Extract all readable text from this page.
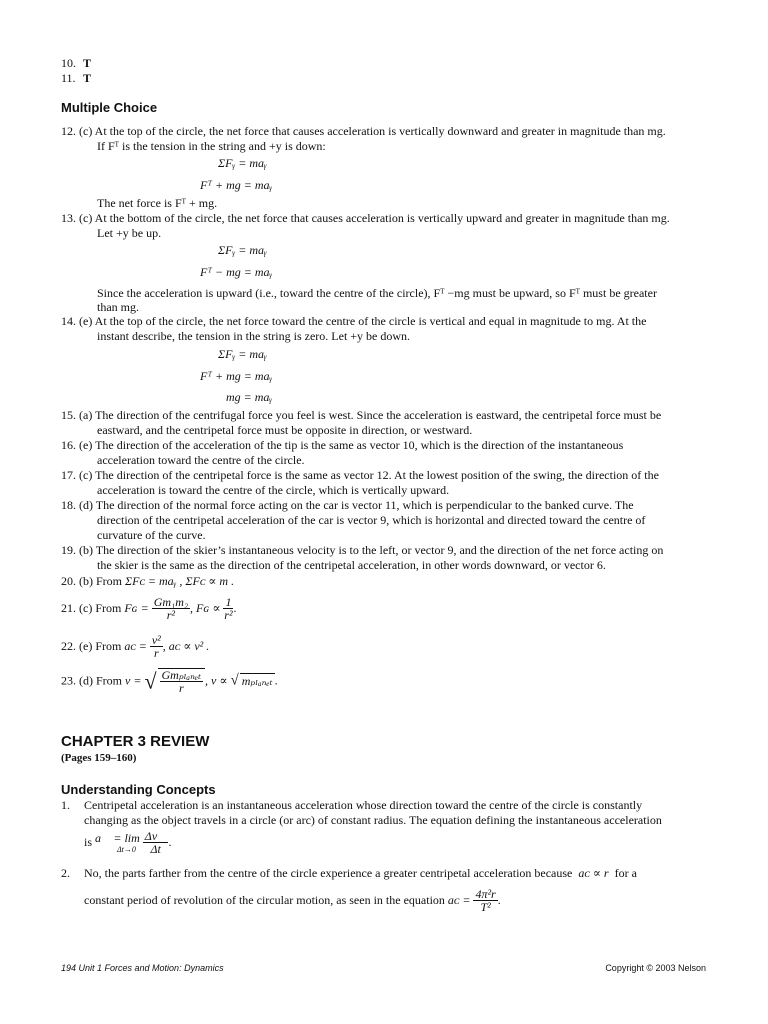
10. T
11. T
Multiple Choice
12. (c) At the top of the circle, the net force that causes acceleration is vertically downward and greater in magnitude than mg.
If Fᵀ is the tension in the string and +y is down:
ΣFᵧ = maᵧ
Fᵀ + mg = maᵧ
The net force is Fᵀ + mg.
13. (c) At the bottom of the circle, the net force that causes acceleration is vertically upward and greater in magnitude than mg.
Let +y be up.
ΣFᵧ = maᵧ
Fᵀ − mg = maᵧ
Since the acceleration is upward (i.e., toward the centre of the circle), Fᵀ −mg must be upward, so Fᵀ must be greater
than mg.
14. (e) At the top of the circle, the net force toward the centre of the circle is vertical and equal in magnitude to mg. At the
instant describe, the tension in the string is zero. Let +y be down.
ΣFᵧ = maᵧ
Fᵀ + mg = maᵧ
mg = maᵧ
15. (a) The direction of the centrifugal force you feel is west. Since the acceleration is eastward, the centripetal force must be
eastward, and the centripetal force must be opposite in direction, or westward.
16. (e) The direction of the acceleration of the tip is the same as vector 10, which is the direction of the instantaneous
acceleration toward the centre of the circle.
17. (c) The direction of the centripetal force is the same as vector 12. At the lowest position of the swing, the direction of the
acceleration is toward the centre of the circle, which is vertically upward.
18. (d) The direction of the normal force acting on the car is vector 11, which is perpendicular to the banked curve. The
direction of the centripetal acceleration of the car is vector 9, which is horizontal and directed toward the centre of
curvature of the curve.
19. (b) The direction of the skier’s instantaneous velocity is to the left, or vector 9, and the direction of the net force acting on
the skier is the same as the direction of the centripetal acceleration, in other words downward, or vector 6.
20. (b) From ΣFᴄ = maᵧ , ΣFᴄ ∝ m .
21. (c) From Fɢ = $\frac{\text{Gm₁m₂}}{\text{r²}}$ , Fɢ ∝ $\frac{1}{\text{r²}}$ .
22. (e) From aᴄ = $\frac{\text{v²}}{r}$ , aᴄ ∝ v² .
23. (d) From v = √ $\frac{\text{Gmₚₗₐₙₑₜ}}{r}$ , v ∝ √ mₚₗₐₙₑₜ .
CHAPTER 3 REVIEW
(Pages 159–160)
Understanding Concepts
1. Centripetal acceleration is an instantaneous acceleration whose direction toward the centre of the circle is constantly
changing as the object travels in a circle (or arc) of constant radius. The equation defining the instantaneous acceleration
is a⃗ = lim
Δt→0
$\frac{\Delta v⃗}{\Delta t}$ .
2. No, the parts farther from the centre of the circle experience a greater centripetal acceleration because aᴄ ∝ r for a
constant period of revolution of the circular motion, as seen in the equation aᴄ = $\frac{\text{4π²r}}{\text{T²}}$ .
194 Unit 1 Forces and Motion: Dynamics	Copyright © 2003 Nelson
